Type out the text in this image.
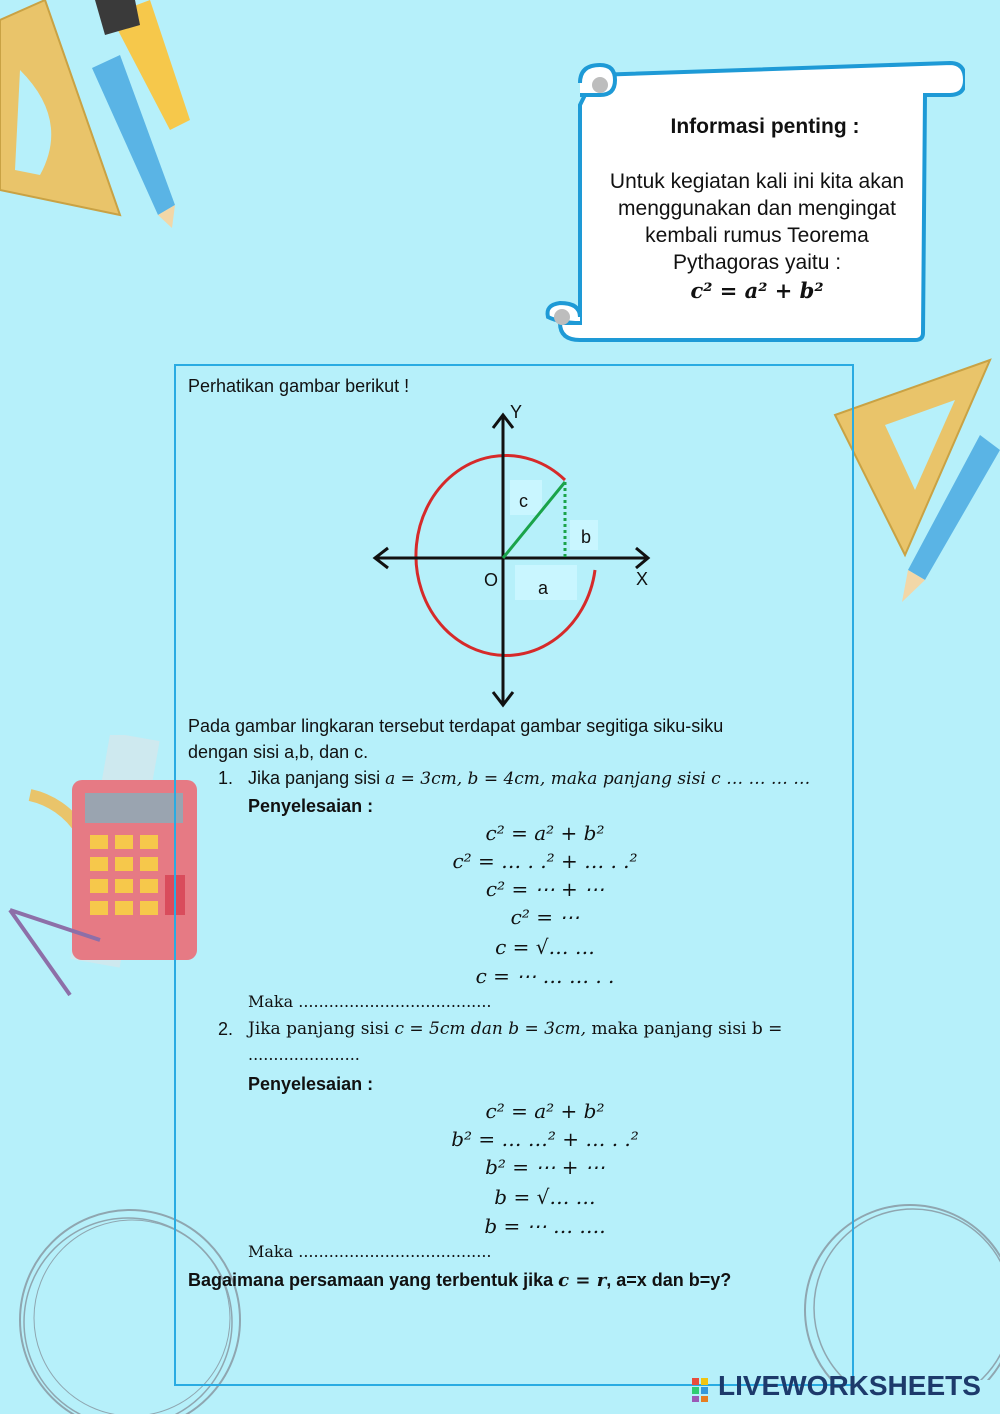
Informasi penting :
Untuk kegiatan kali ini kita akan menggunakan dan mengingat kembali rumus Teorema Pythagoras yaitu :
c² = a² + b²
Perhatikan gambar berikut !
Y
X
O
c
b
a
Pada gambar lingkaran tersebut terdapat gambar segitiga siku-siku
dengan sisi a,b, dan c.
1. Jika panjang sisi a = 3cm, b = 4cm, maka panjang sisi c … … … …
Penyelesaian :
c² = a² + b²
c² = … . .² + … . .²
c² = ⋯ + ⋯
c² = ⋯
c = √… …
c = ⋯ … … . .
Maka ......................................
2. Jika panjang sisi c = 5cm dan b = 3cm, maka panjang sisi b =
......................
Penyelesaian :
c² = a² + b²
b² = … …² + … . .²
b² = ⋯ + ⋯
b = √… …
b = ⋯ … ….
Maka ......................................
Bagaimana persamaan yang terbentuk jika c = r, a=x dan b=y?
LIVEWORKSHEETS
